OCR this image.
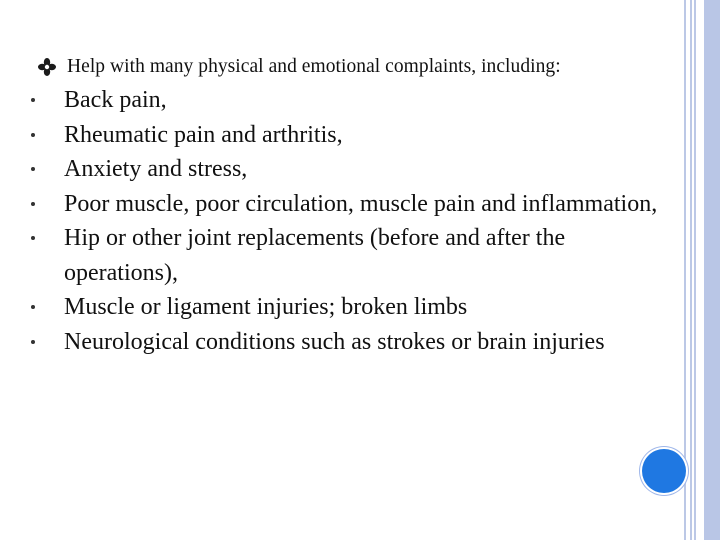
Help with many physical and emotional complaints, including:
Back pain,
Rheumatic pain and arthritis,
Anxiety and stress,
Poor muscle, poor circulation, muscle pain and inflammation,
Hip or other joint replacements (before and after the operations),
Muscle or ligament injuries; broken limbs
Neurological conditions such as strokes or brain injuries
